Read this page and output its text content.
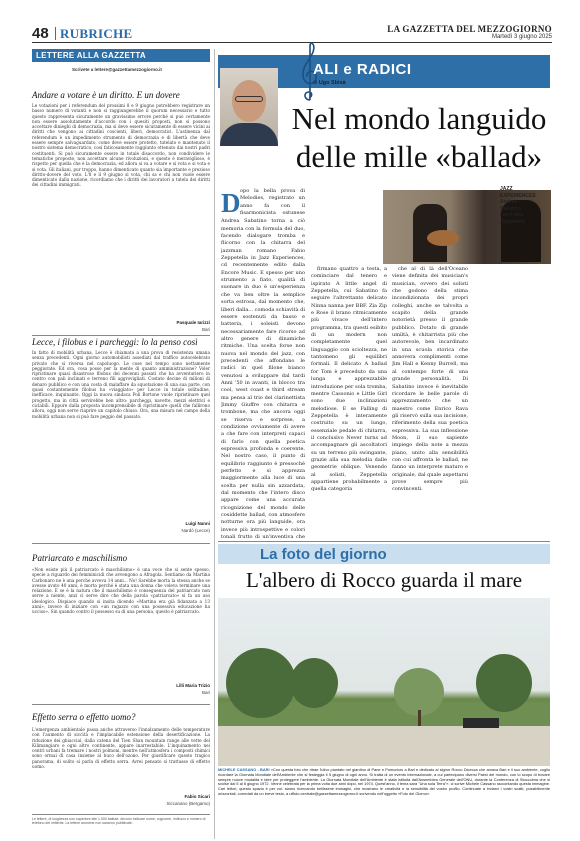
48 RUBRICHE	LA GAZZETTA DEL MEZZOGIORNO
Martedì 3 giugno 2025
LETTERE ALLA GAZZETTA
Scrivete a lettere@gazzettamezzogiorno.it
Andare a votare è un diritto. E un dovere
Le votazioni per i referendum del prossimi 8 e 9 giugno potrebbero registrare un basso numero di votanti e non si raggiungerebbe il quorum necessario e tutto questo rappresenta sicuramente un gravissimo errore perché si può certamente non essere assolutamente d'accordo con i quesiti proposti, non si possono accettare dinieghi di democrazia, ma si deve essere sicuramente di essere vicini ai diritti che vengono ai cittadini coscienti, liberi, democratici. L'astinenza dal referendum è un impedimento strumento di democrazia e di libertà che deve essere sempre salvaguardato, come deve essere protetto, tutelato e mantenuto il nostro sistema democratico, così faticosamente raggiunto ottenuto dai nostri padri costituenti. Si può sicuramente essere in totale disaccordo, non condividere le tematiche proposte, non accettare alcune rivoluzioni, e questo è meraviglioso, è rispetto per quella che è la democrazia, ed allora si va a votare e si vota e si vota e si vota. Gli italiani, pur troppo, hanno dimenticato quanto sia importante e prezioso diritto-dovere del voto. L'8 e il 9 giugno si vota, chi sa e chi non vuole essere dimenticato dalla nazione, ricordiamo che i diritti dei lavoratori a tutela dei diritti dei cittadini immigrati.
Pasquale Iarizzi
Bari
Lecce, i filobus e i parcheggi: lo la penso così
In fatto di mobilità urbana, Lecce è chiamata a una prova di resistenza umana senza precedenti. Ogni giorno automobilisti assediati dal traffico autocelebrato privato che si riversa nel capoluogo. Le cose nel tempo sono nettamente peggiorate. Ed ora, cosa posso per la mente di quanto amministrazione? Voler ripristinare quasi disastroso filobus dei decenni passati che ha avventuriero in centro con pali inclinati e terreno fili aggrovigliati. Costato decine di milioni di denaro pubblico e con una costa di malaffare da squotazione di una sua parte, con quasi costantemente filobus ha «viaggiato» per Lecce in totale solitudine, inefficace, inquinante. Oggi la nuova sindaca Poli Bortone vuole ripristinare quel progetto, ma in città servirebbe ben altro: parcheggi, navette, mezzi elettrici e ciclabili. Eppure dalla proposta incomprensibile di ripristinare quelli che fallirono allora, oggi non serve riaprire un capitolo chiuso. Ora, una misura nel campo della mobilità urbana non si può fare peggio del passato.
Luigi Nanni
Nardò (Lecce)
Patriarcato e maschilismo
«Non esiste più il patriarcato è maschilismo» è una voce che si sente spesso, specie a riguardo dei femminicidi che avvengono a Afragola. Sentiamo da Martina Carbonaro ne è una perche avveva 14 anni... No! Sarebbe morta la stessa anche se avesse avuto 40 anni, è morta perché è stata una donna che voleva terminare una relazione. E se è la natura che il maschilismo è conseguenza del patriarcato non serve a niente, anzi ci serve dire che della parola «patriarcato» si fa un uso ideologico. Dispiace quando si insita dicendo «Martina era già fidanzata a 13 anni», invece di iniziare con «un ragazzo con una possessiva educazione ha ucciso». Sin quando contro il possesso su di una persona, questo è patriarcato.
Lilli Maria Trizio
Bari
Effetto serra o effetto uomo?
L'emergenza ambientale passa anche attraverso l'innalzamento delle temperature con l'aumento di siccità e l'implacabile estensione della desertificazione. La riduzione dei ghiacciai, dalla catena del Tien Shan mountain range alle vette del Kilimangiaro e ogni altro continente, appare inarrestabile. L'inquinamento nei centri urbani fa tremare i nostri polmoni, mentre nell'atmosfera i composti chimici sono ormai di casa insieme al buco dell'ozono. Per giustificare questo tragico panorama, di solito si parla di effetto serra. Avrei pensato si trattasse di effetto uomo.
Fabio Sicari
Siccanano (Bergamo)
Le lettere, di lunghezza non superiore alle 1.000 battute, devono indicare nome, cognome, indirizzo e numero di telefono del mittente. La lettere anonime non saranno pubblicate.
ALI e RADICI
di Ugo Sbisà
Nel mondo languido delle mille «ballad»
D opo la bella prova di Melodies, registrato un anno fa con il fisarmonicista ostunese

Andrea Sabatino torna a ciò memoria con la formula del duo, facendo dialogare tromba e flicorno con la chitarra del jazzman romano Fabio Zeppetella in Jazz Experiences, cd recentemente edito dalla Encore Music. E spesso per uno strumento a fiato, qualità di suonare in duo è un'esperienza che va ben oltre la semplice sorta estrosa, dal momento che, liberi dalla... comoda schiavità di essere sostenuti da basso e batteria, i soleisti devono necessariamente fare ricorso ad altro genere di dinamiche ritmiche. Una scelta forse non nuova nel mondo del jazz, con precedenti che affondano le radici in quel filone bianco venutosi a sviluppare dal tardi Anni '50 in avanti, in blocco tra cool, west coast e third stream ma pensa al trio del clarinettista Jimmy Giuffre con chitarra e trombone, ma che ancora oggi se riserva e sorprese, a condizione ovviamente di avere a che fare con interpreti capaci di farlo con quella poetica espressiva profonda e coerente. Nel nostro caso, il punto di equilibrio raggiunto è pressoché perfetto e si apprezza maggiormente alla luce di una scelta per nulla sin azzardata, dal momento che l'intero disco appare come una accurata ricognizione del mondo delle cosiddette ballad, con atmosfere notturne ora più languide, ora invece più introspettive e colori tonali frutto di un'inventiva che

JAZZ
EXPERIENCES
Andrea
Sabatino
con Fabio
Zeppetella

firmano quattro a testa, a cominciare dal tenero e ispirato A little angel di Zeppetella, cui Sabatino fa seguire l'altrettanto delicato Ninna nanna per BBF. Zia Zip e Rose il brano ritmicamente più vivace dell'intero programma, tra questi esibito di un modern non completamente quel linguaggio con scioltezza, ne tantomeno gli equilibri formali. Il delicato A ballad for Tom è preceduto da una lunga e apprezzabile introduzione per sola tromba, mentre Cassonio e Little Girl sono due inclinazioni melodiose. E se Falling di Zeppetella è interamente costruito su un lungo, essenziale pedale di chitarra, il conclusivo Never turns ad accompagnare gli ascoltatori su un terreno più swingante, grazie alla sua melodia dalle geometrie oblique. Venendo al solisti, Zeppetella appartiene probabilmente a quella categoria

che al di là dell'Oceano viene definita dei musician's musician, ovvero dei solisti che godono della stima incondizionata dei propri colleghi, anche se talvolta a scapito della grande notorietà presso il grande pubblico. Dotato di grande umiltà, è chitarrista più che autorevole, ben incardinato in una scuola storica che annovera complimenti come Jim Hall e Kenny Burrell, ma al contempo forte di una grande personalità. Di Sabatino invece è inevitabile ricordare le belle parole di apprezzamento che un maestro come Enrico Rava gli riservò sulla sua incisione, riferimento della sua poetica espressiva. La sua inflessione Moon, il suo sapiente impiego della note a mezza piano, unito alla sensibilità con cui affronta le ballad, ne fanno un interprete maturo e originale, dal quale aspettarsi prove sempre più convincenti.

La foto del giorno
L'albero di Rocco guarda il mare
MICHELE CASSANO - BARI «Con questa foto che ritrae l'ulivo piantato nel giardino di Pane e Pomodoro a Bari e dedicato al signor Rocco Dicecca che amava Bari e il suo ambiente, voglio ricordare la Giornata Mondiale dell'Ambiente che si festeggia il 5 giugno di ogni anno. Si tratta di un evento internazionale, a cui partecipano diversi Paesi del mondo, con lo scopo di trovare sempre nuove modalità e idee per proteggere l'ambiente. La Giornata Mondiale dell'Ambiente è stata istituita dall'Assemblea Generale dell'ONU, durante la Conferenza di Stoccolma che si svolse dal 5 al 6 giugno 1972. Venne celebrata per la prima volta due anni dopo, nel 1974. Quest'anno, il tema sarà "Una sola Terra"». ci scrive Michele Cassano raccontando questa immagine. Cari lettori, questo spazio è per voi: siamo ricercando bellissime immagini, che mostrano le creatività e la sensibilità del vostro profilo. Continuate a inviarci i vostri scatti, possibilmente orizzontali, corredati da un breve testo, a ufficio.centrale@gazzettamezzogiorno.it scrivendo nell'oggetto «Foto del Giorno».
